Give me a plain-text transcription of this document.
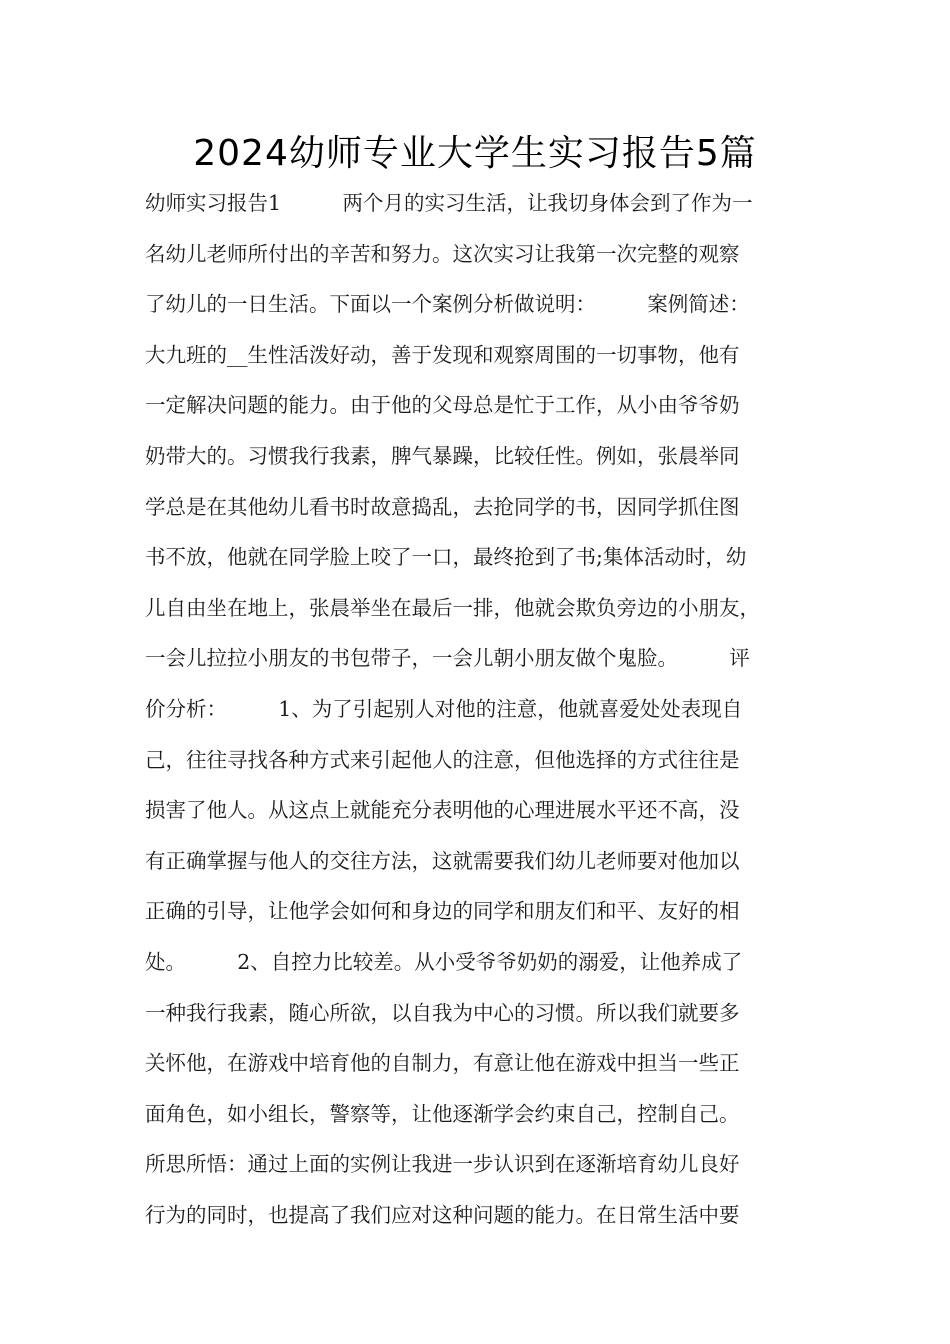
2024幼师专业大学生实习报告5篇
幼师实习报告1　　　两个月的实习生活，让我切身体会到了作为一
名幼儿老师所付出的辛苦和努力。这次实习让我第一次完整的观察
了幼儿的一日生活。下面以一个案例分析做说明：　　　案例简述：
大九班的__生性活泼好动，善于发现和观察周围的一切事物，他有
一定解决问题的能力。由于他的父母总是忙于工作，从小由爷爷奶
奶带大的。习惯我行我素，脾气暴躁，比较任性。例如，张晨举同
学总是在其他幼儿看书时故意捣乱，去抢同学的书，因同学抓住图
书不放，他就在同学脸上咬了一口，最终抢到了书;集体活动时，幼
儿自由坐在地上，张晨举坐在最后一排，他就会欺负旁边的小朋友，
一会儿拉拉小朋友的书包带子，一会儿朝小朋友做个鬼脸。　　　评
价分析：　　　1、为了引起别人对他的注意，他就喜爱处处表现自
己，往往寻找各种方式来引起他人的注意，但他选择的方式往往是
损害了他人。从这点上就能充分表明他的心理进展水平还不高，没
有正确掌握与他人的交往方法，这就需要我们幼儿老师要对他加以
正确的引导，让他学会如何和身边的同学和朋友们和平、友好的相
处。　　　2、自控力比较差。从小受爷爷奶奶的溺爱，让他养成了
一种我行我素，随心所欲，以自我为中心的习惯。所以我们就要多
关怀他，在游戏中培育他的自制力，有意让他在游戏中担当一些正
面角色，如小组长，警察等，让他逐渐学会约束自己，控制自己。
所思所悟：通过上面的实例让我进一步认识到在逐渐培育幼儿良好
行为的同时，也提高了我们应对这种问题的能力。在日常生活中要
